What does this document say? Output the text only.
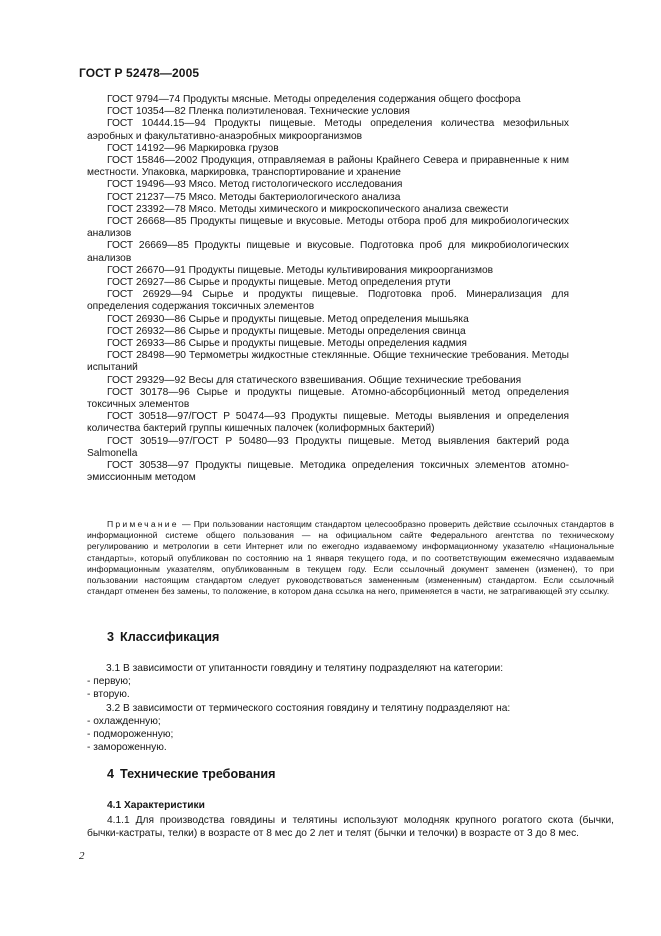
ГОСТ Р 52478—2005

ГОСТ 9794—74 Продукты мясные. Методы определения содержания общего фосфора

ГОСТ 10354—82 Пленка полиэтиленовая. Технические условия

ГОСТ 10444.15—94 Продукты пищевые. Методы определения количества мезофильных аэробных и факультативно-анаэробных микроорганизмов

ГОСТ 14192—96 Маркировка грузов

ГОСТ 15846—2002 Продукция, отправляемая в районы Крайнего Севера и приравненные к ним местности. Упаковка, маркировка, транспортирование и хранение

ГОСТ 19496—93 Мясо. Метод гистологического исследования

ГОСТ 21237—75 Мясо. Методы бактериологического анализа

ГОСТ 23392—78 Мясо. Методы химического и микроскопического анализа свежести

ГОСТ 26668—85 Продукты пищевые и вкусовые. Методы отбора проб для микробиологических анализов

ГОСТ 26669—85 Продукты пищевые и вкусовые. Подготовка проб для микробиологических анализов

ГОСТ 26670—91 Продукты пищевые. Методы культивирования микроорганизмов

ГОСТ 26927—86 Сырье и продукты пищевые. Метод определения ртути

ГОСТ 26929—94 Сырье и продукты пищевые. Подготовка проб. Минерализация для определения содержания токсичных элементов

ГОСТ 26930—86 Сырье и продукты пищевые. Метод определения мышьяка

ГОСТ 26932—86 Сырье и продукты пищевые. Методы определения свинца

ГОСТ 26933—86 Сырье и продукты пищевые. Методы определения кадмия

ГОСТ 28498—90 Термометры жидкостные стеклянные. Общие технические требования. Методы испытаний

ГОСТ 29329—92 Весы для статического взвешивания. Общие технические требования

ГОСТ 30178—96 Сырье и продукты пищевые. Атомно-абсорбционный метод определения токсичных элементов

ГОСТ 30518—97/ГОСТ Р 50474—93 Продукты пищевые. Методы выявления и определения количества бактерий группы кишечных палочек (колиформных бактерий)

ГОСТ 30519—97/ГОСТ Р 50480—93 Продукты пищевые. Метод выявления бактерий рода Salmonella

ГОСТ 30538—97 Продукты пищевые. Методика определения токсичных элементов атомно-эмиссионным методом

Примечание — При пользовании настоящим стандартом целесообразно проверить действие ссылочных стандартов в информационной системе общего пользования — на официальном сайте Федерального агентства по техническому регулированию и метрологии в сети Интернет или по ежегодно издаваемому информационному указателю «Национальные стандарты», который опубликован по состоянию на 1 января текущего года, и по соответствующим ежемесячно издаваемым информационным указателям, опубликованным в текущем году. Если ссылочный документ заменен (изменен), то при пользовании настоящим стандартом следует руководствоваться замененным (измененным) стандартом. Если ссылочный стандарт отменен без замены, то положение, в котором дана ссылка на него, применяется в части, не затрагивающей эту ссылку.

3 Классификация

3.1 В зависимости от упитанности говядину и телятину подразделяют на категории:

- первую;

- вторую.

3.2 В зависимости от термического состояния говядину и телятину подразделяют на:

- охлажденную;

- подмороженную;

- замороженную.

4 Технические требования
4.1 Характеристики

4.1.1 Для производства говядины и телятины используют молодняк крупного рогатого скота (бычки, бычки-кастраты, телки) в возрасте от 8 мес до 2 лет и телят (бычки и телочки) в возрасте от 3 до 8 мес.

2
